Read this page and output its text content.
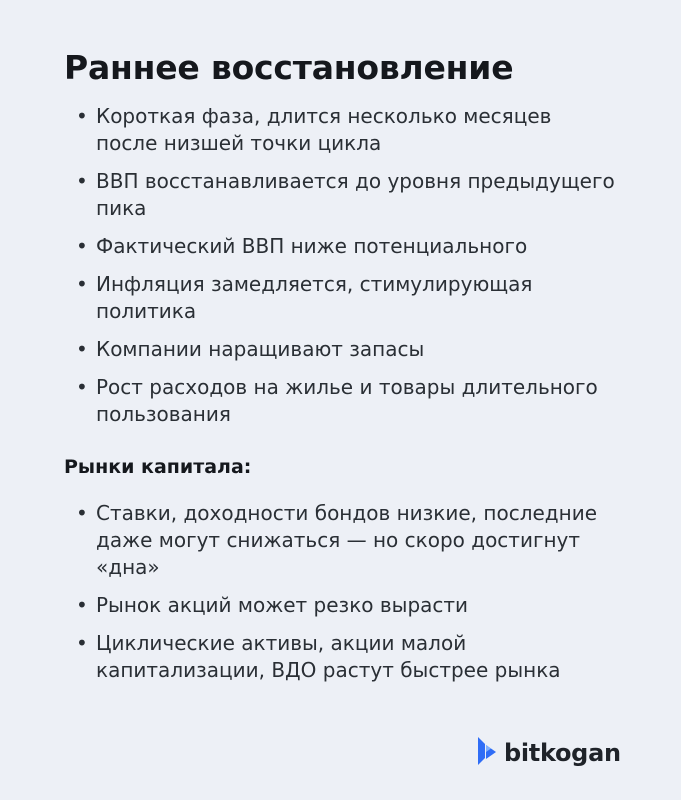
Раннее восстановление
• Короткая фаза, длится несколько месяцев после низшей точки цикла
• ВВП восстанавливается до уровня предыдущего пика
• Фактический ВВП ниже потенциального
• Инфляция замедляется, стимулирующая политика
• Компании наращивают запасы
• Рост расходов на жилье и товары длительного пользования
Рынки капитала:
• Ставки, доходности бондов низкие, последние даже могут снижаться — но скоро достигнут «дна»
• Рынок акций может резко вырасти
• Циклические активы, акции малой капитализации, ВДО растут быстрее рынка
bitkogan
